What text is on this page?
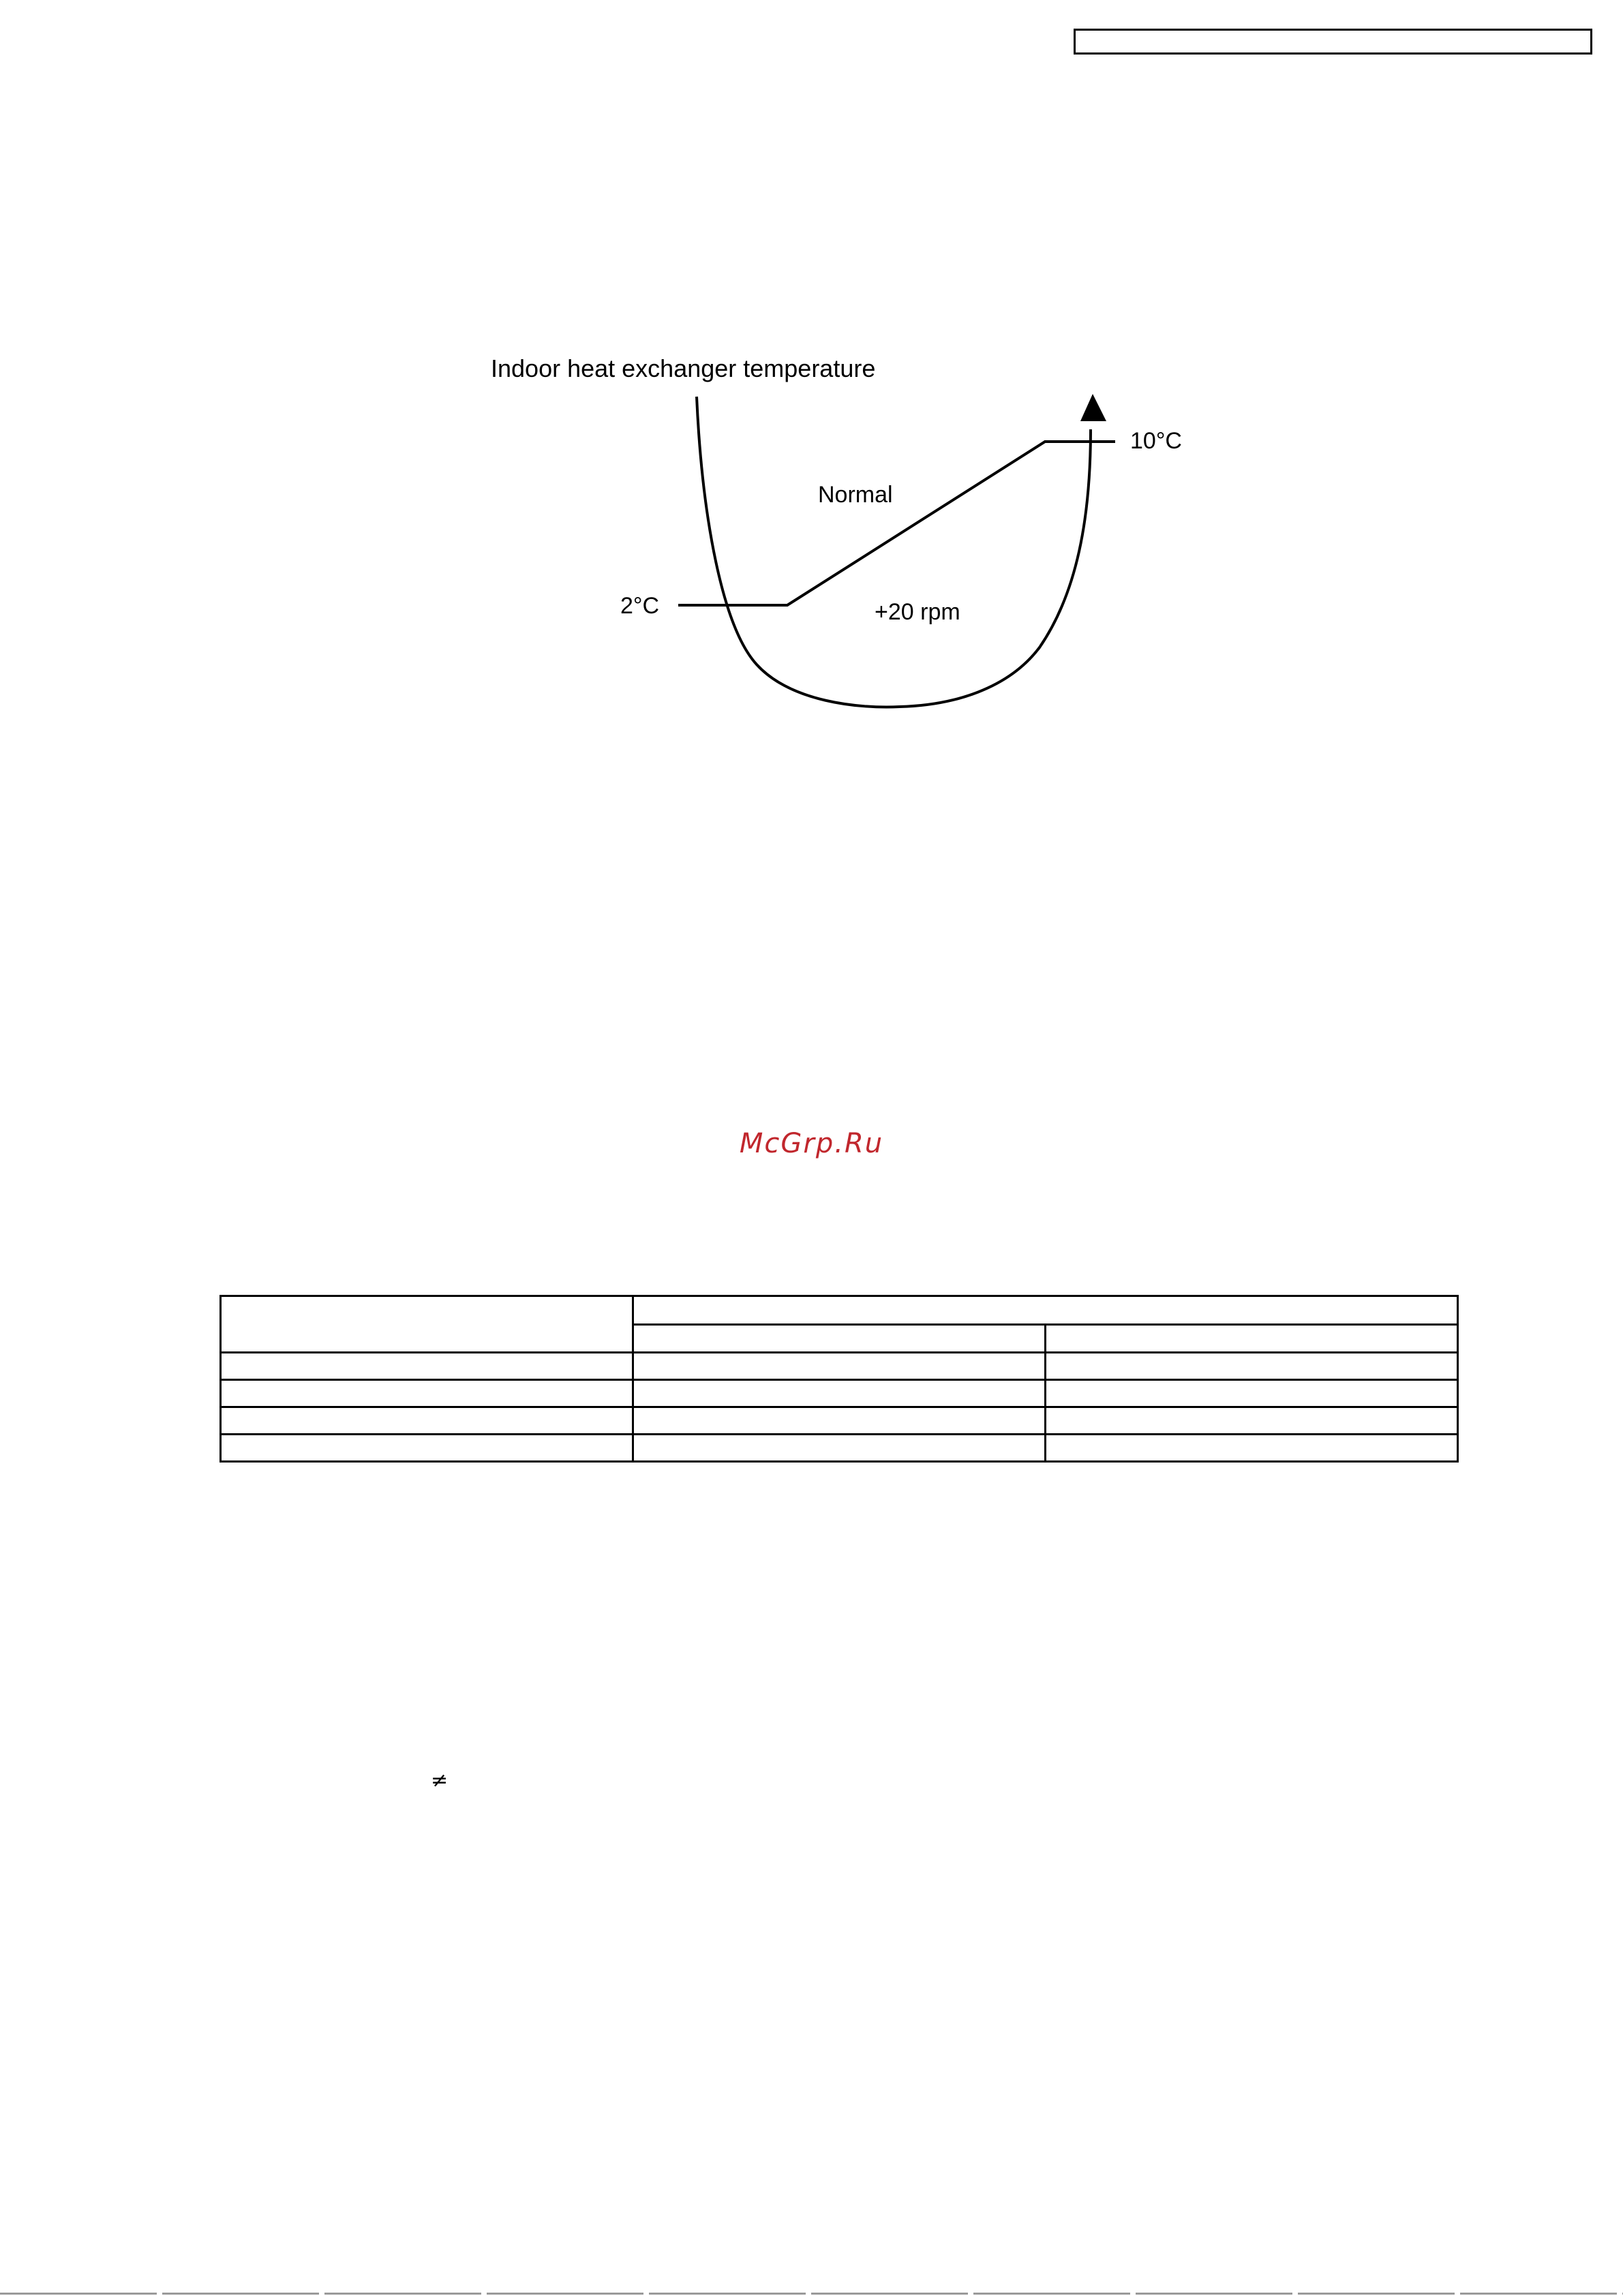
Indoor heat exchanger temperature
10°C
2°C
Normal
+20 rpm
McGrp.Ru

≠
